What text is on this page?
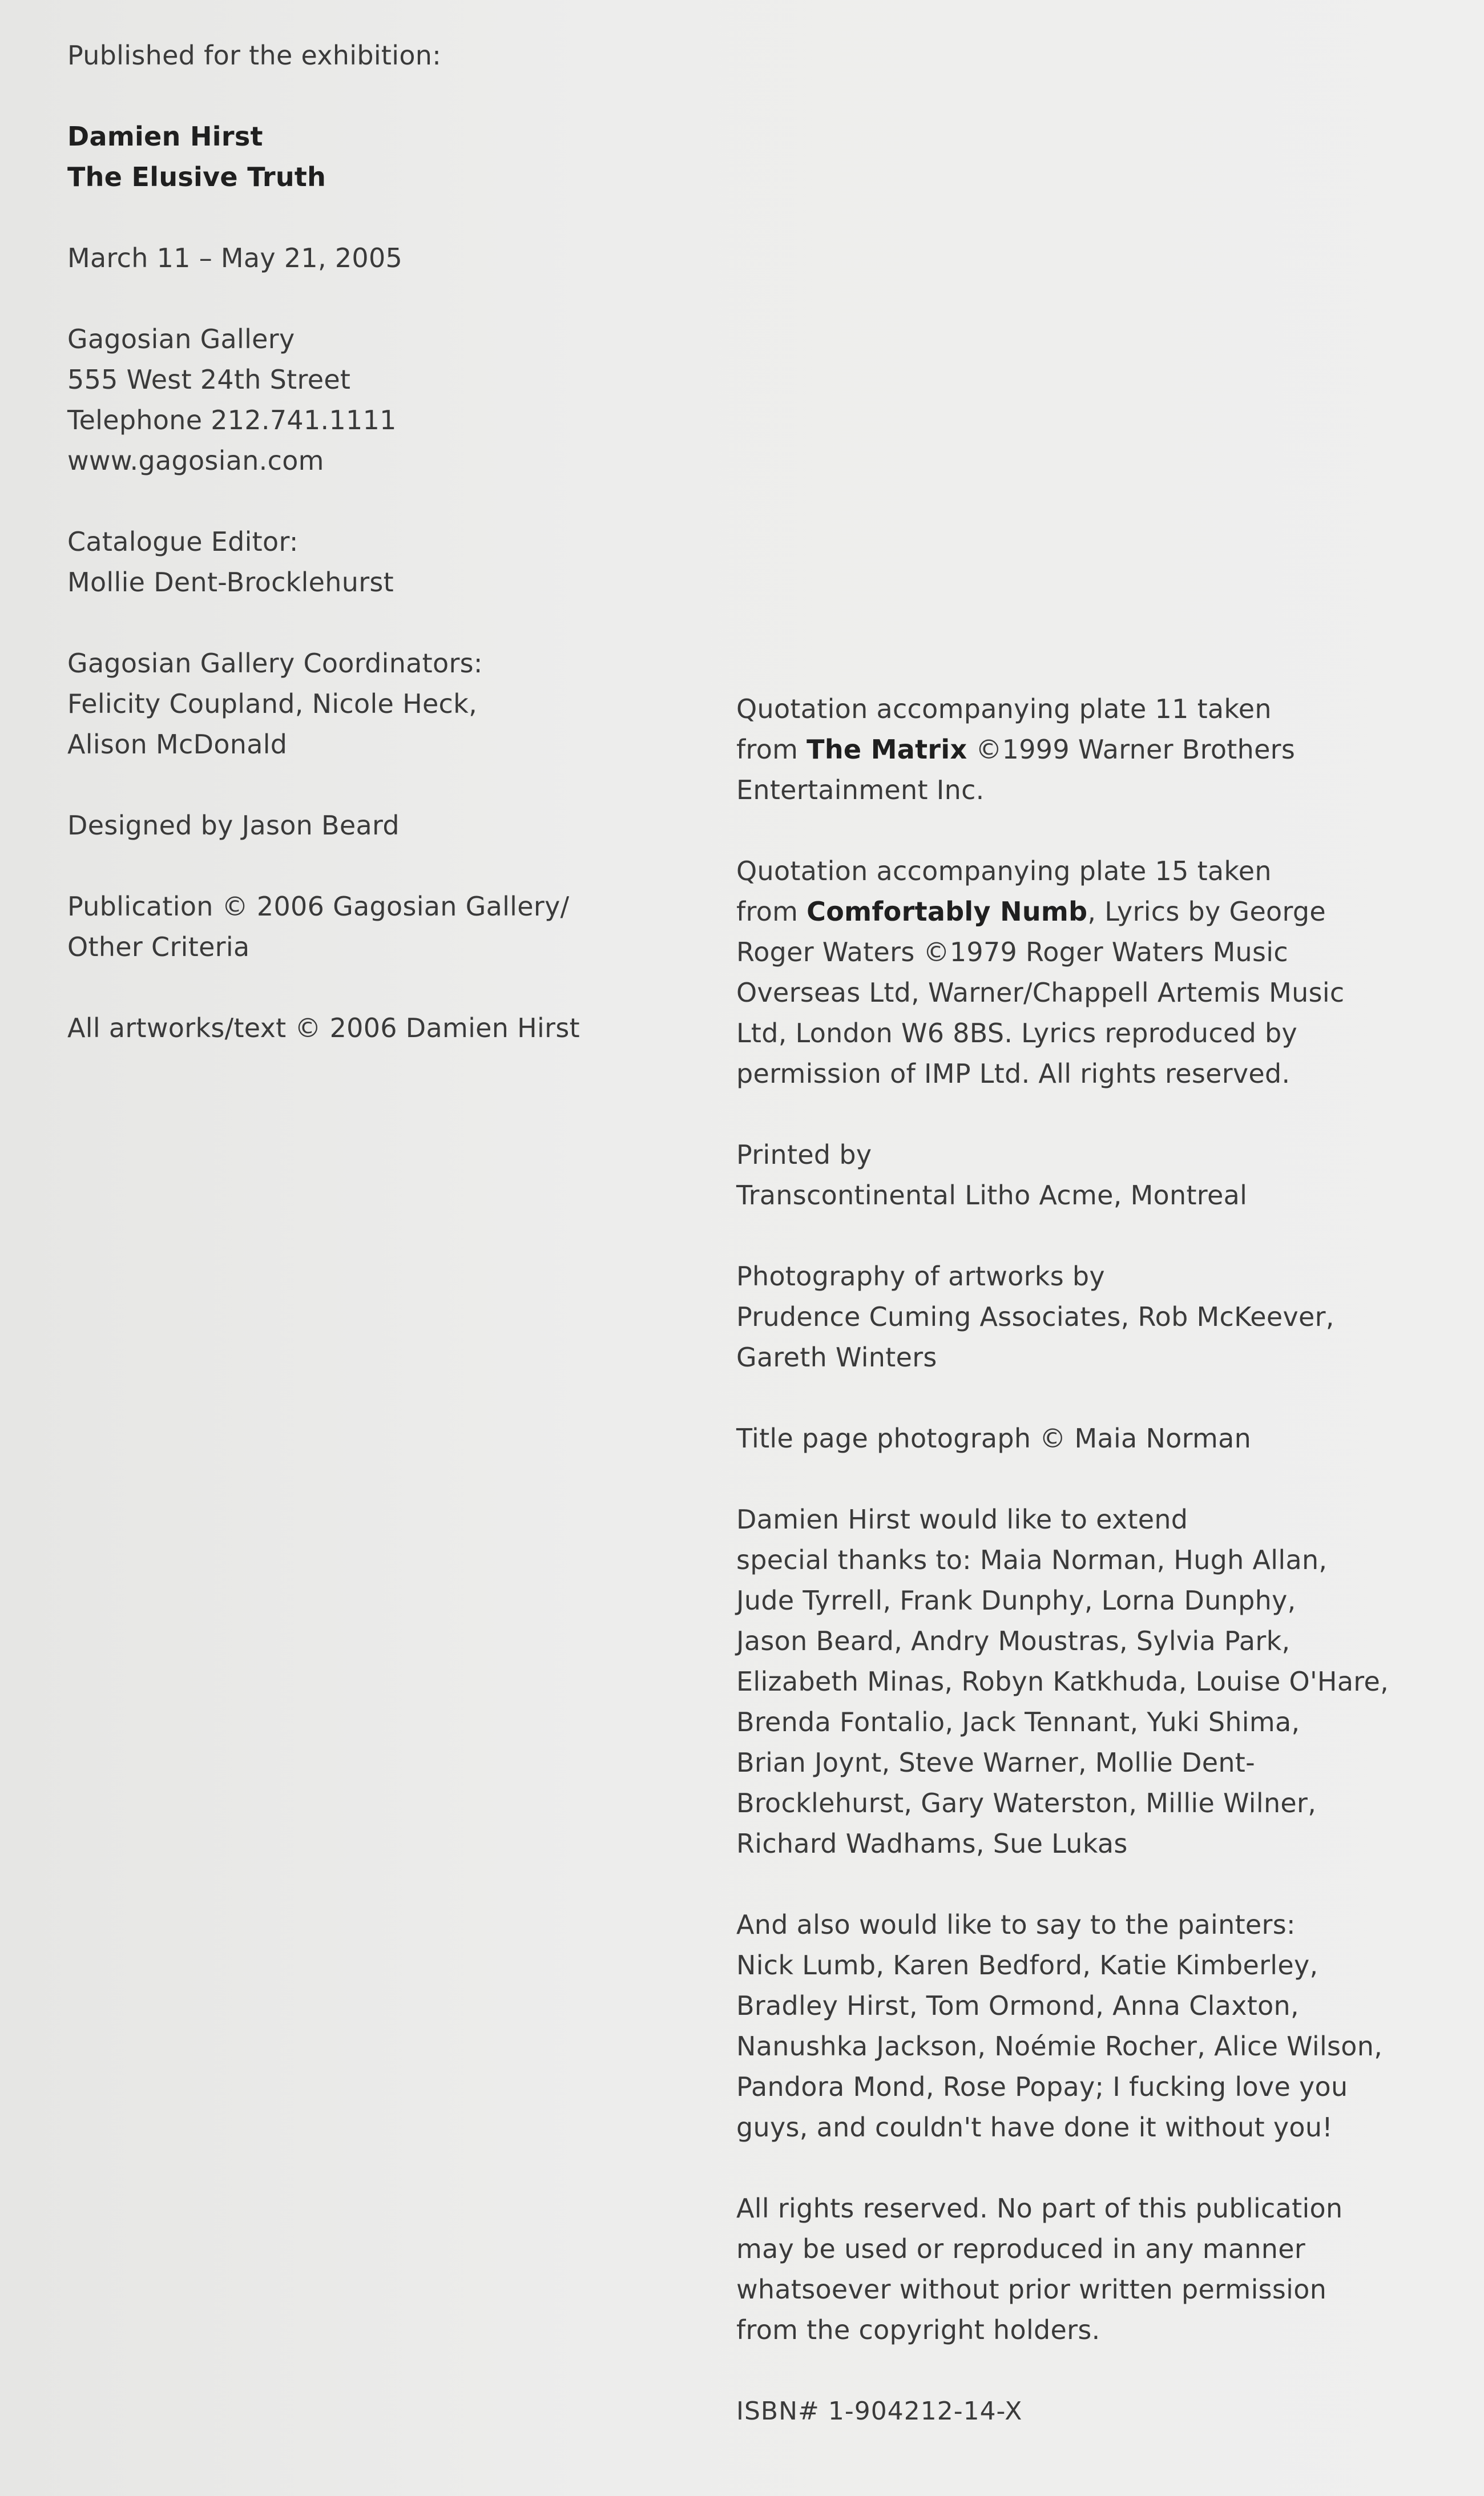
Published for the exhibition:
Damien Hirst
The Elusive Truth
March 11 – May 21, 2005
Gagosian Gallery
555 West 24th Street
Telephone 212.741.1111
www.gagosian.com
Catalogue Editor:
Mollie Dent-Brocklehurst
Gagosian Gallery Coordinators:
Felicity Coupland, Nicole Heck,
Alison McDonald
Designed by Jason Beard
Publication © 2006 Gagosian Gallery/
Other Criteria
All artworks/text © 2006 Damien Hirst
Quotation accompanying plate 11 taken
from The Matrix ©1999 Warner Brothers
Entertainment Inc.
Quotation accompanying plate 15 taken
from Comfortably Numb, Lyrics by George
Roger Waters ©1979 Roger Waters Music
Overseas Ltd, Warner/Chappell Artemis Music
Ltd, London W6 8BS. Lyrics reproduced by
permission of IMP Ltd. All rights reserved.
Printed by
Transcontinental Litho Acme, Montreal
Photography of artworks by
Prudence Cuming Associates, Rob McKeever,
Gareth Winters
Title page photograph © Maia Norman
Damien Hirst would like to extend
special thanks to: Maia Norman, Hugh Allan,
Jude Tyrrell, Frank Dunphy, Lorna Dunphy,
Jason Beard, Andry Moustras, Sylvia Park,
Elizabeth Minas, Robyn Katkhuda, Louise O'Hare,
Brenda Fontalio, Jack Tennant, Yuki Shima,
Brian Joynt, Steve Warner, Mollie Dent-
Brocklehurst, Gary Waterston, Millie Wilner,
Richard Wadhams, Sue Lukas
And also would like to say to the painters:
Nick Lumb, Karen Bedford, Katie Kimberley,
Bradley Hirst, Tom Ormond, Anna Claxton,
Nanushka Jackson, Noémie Rocher, Alice Wilson,
Pandora Mond, Rose Popay; I fucking love you
guys, and couldn't have done it without you!
All rights reserved. No part of this publication
may be used or reproduced in any manner
whatsoever without prior written permission
from the copyright holders.
ISBN# 1-904212-14-X
